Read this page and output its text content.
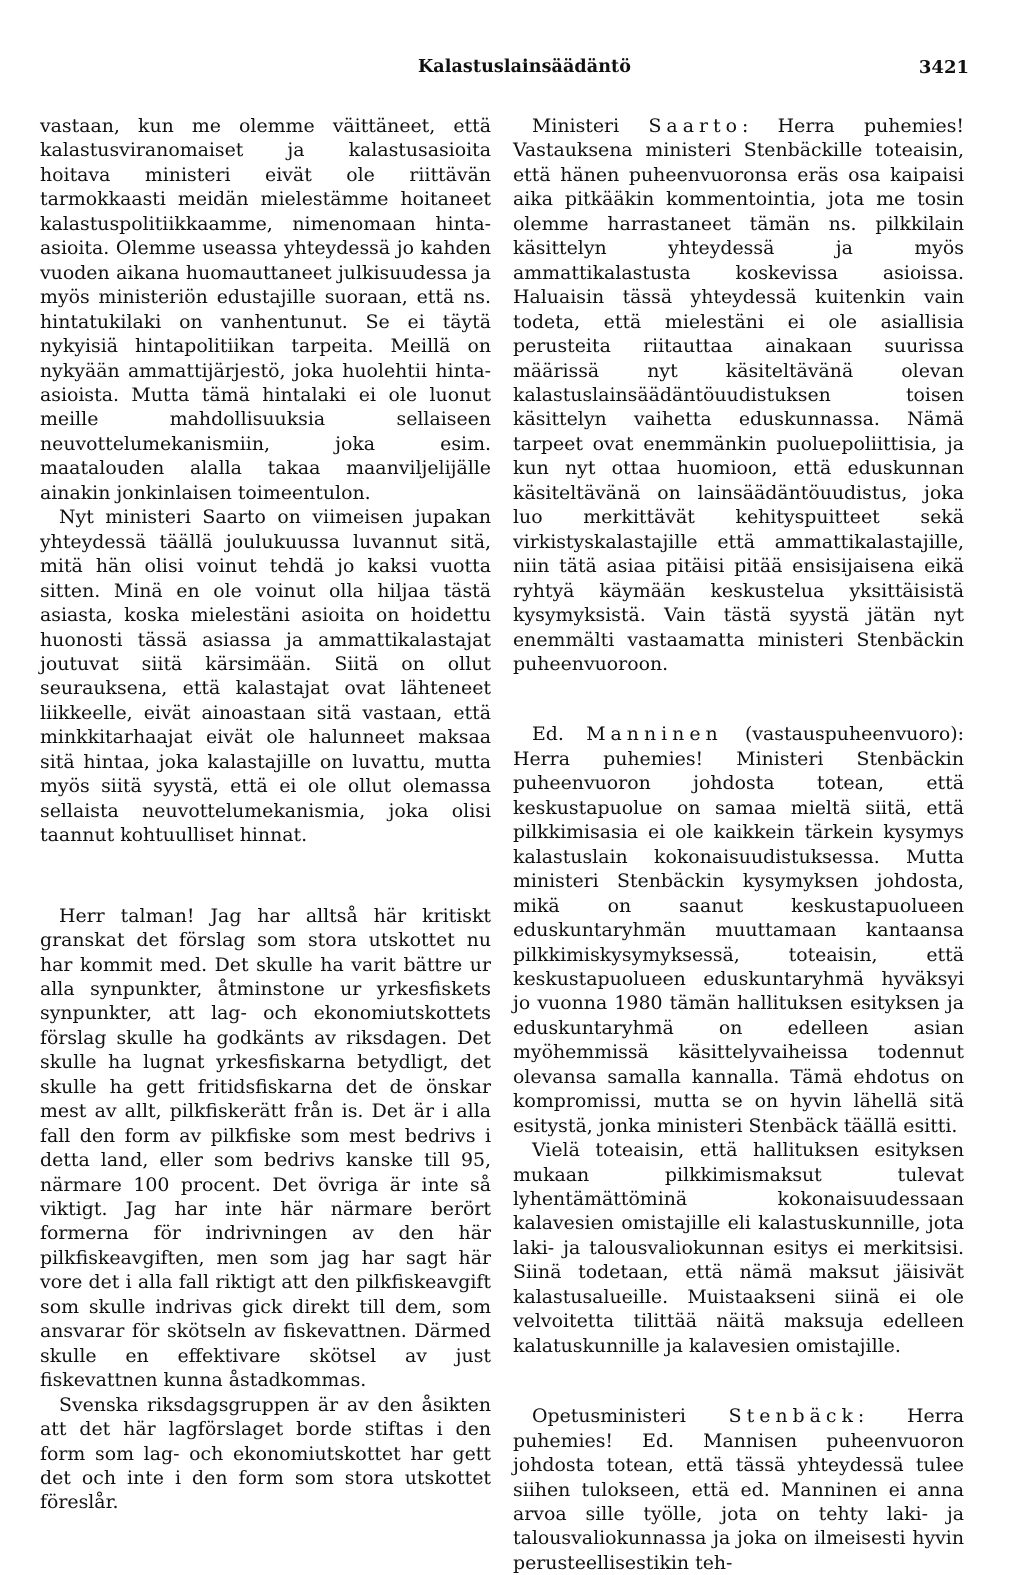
Kalastuslainsäädäntö	3421

vastaan, kun me olemme väittäneet, että kalastusviranomaiset ja kalastusasioita hoitava ministeri eivät ole riittävän tarmokkaasti meidän mielestämme hoitaneet kalastuspolitiikkaamme, nimenomaan hinta-asioita. Olemme useassa yhteydessä jo kahden vuoden aikana huomauttaneet julkisuudessa ja myös ministeriön edustajille suoraan, että ns. hintatukilaki on vanhentunut. Se ei täytä nykyisiä hintapolitiikan tarpeita. Meillä on nykyään ammattijärjestö, joka huolehtii hinta-asioista. Mutta tämä hintalaki ei ole luonut meille mahdollisuuksia sellaiseen neuvottelumekanismiin, joka esim. maatalouden alalla takaa maanviljelijälle ainakin jonkinlaisen toimeentulon.

Nyt ministeri Saarto on viimeisen jupakan yhteydessä täällä joulukuussa luvannut sitä, mitä hän olisi voinut tehdä jo kaksi vuotta sitten. Minä en ole voinut olla hiljaa tästä asiasta, koska mielestäni asioita on hoidettu huonosti tässä asiassa ja ammattikalastajat joutuvat siitä kärsimään. Siitä on ollut seurauksena, että kalastajat ovat lähteneet liikkeelle, eivät ainoastaan sitä vastaan, että minkkitarhaajat eivät ole halunneet maksaa sitä hintaa, joka kalastajille on luvattu, mutta myös siitä syystä, että ei ole ollut olemassa sellaista neuvottelumekanismia, joka olisi taannut kohtuulliset hinnat.

Herr talman! Jag har alltså här kritiskt granskat det förslag som stora utskottet nu har kommit med. Det skulle ha varit bättre ur alla synpunkter, åtminstone ur yrkesfiskets synpunkter, att lag- och ekonomiutskottets förslag skulle ha godkänts av riksdagen. Det skulle ha lugnat yrkesfiskarna betydligt, det skulle ha gett fritidsfiskarna det de önskar mest av allt, pilkfiskerätt från is. Det är i alla fall den form av pilkfiske som mest bedrivs i detta land, eller som bedrivs kanske till 95, närmare 100 procent. Det övriga är inte så viktigt. Jag har inte här närmare berört formerna för indrivningen av den här pilkfiskeavgiften, men som jag har sagt här vore det i alla fall riktigt att den pilkfiskeavgift som skulle indrivas gick direkt till dem, som ansvarar för skötseln av fiskevattnen. Därmed skulle en effektivare skötsel av just fiskevattnen kunna åstadkommas.

Svenska riksdagsgruppen är av den åsikten att det här lagförslaget borde stiftas i den form som lag- och ekonomiutskottet har gett det och inte i den form som stora utskottet föreslår.

Ministeri Saarto: Herra puhemies! Vastauksena ministeri Stenbäckille toteaisin, että hänen puheenvuoronsa eräs osa kaipaisi aika pitkääkin kommentointia, jota me tosin olemme harrastaneet tämän ns. pilkkilain käsittelyn yhteydessä ja myös ammattikalastusta koskevissa asioissa. Haluaisin tässä yhteydessä kuitenkin vain todeta, että mielestäni ei ole asiallisia perusteita riitauttaa ainakaan suurissa määrissä nyt käsiteltävänä olevan kalastuslainsäädäntöuudistuksen toisen käsittelyn vaihetta eduskunnassa. Nämä tarpeet ovat enemmänkin puoluepoliittisia, ja kun nyt ottaa huomioon, että eduskunnan käsiteltävänä on lainsäädäntöuudistus, joka luo merkittävät kehityspuitteet sekä virkistyskalastajille että ammattikalastajille, niin tätä asiaa pitäisi pitää ensisijaisena eikä ryhtyä käymään keskustelua yksittäisistä kysymyksistä. Vain tästä syystä jätän nyt enemmälti vastaamatta ministeri Stenbäckin puheenvuoroon.

Ed. Manninen (vastauspuheenvuoro): Herra puhemies! Ministeri Stenbäckin puheenvuoron johdosta totean, että keskustapuolue on samaa mieltä siitä, että pilkkimisasia ei ole kaikkein tärkein kysymys kalastuslain kokonaisuudistuksessa. Mutta ministeri Stenbäckin kysymyksen johdosta, mikä on saanut keskustapuolueen eduskuntaryhmän muuttamaan kantaansa pilkkimiskysymyksessä, toteaisin, että keskustapuolueen eduskuntaryhmä hyväksyi jo vuonna 1980 tämän hallituksen esityksen ja eduskuntaryhmä on edelleen asian myöhemmissä käsittelyvaiheissa todennut olevansa samalla kannalla. Tämä ehdotus on kompromissi, mutta se on hyvin lähellä sitä esitystä, jonka ministeri Stenbäck täällä esitti.

Vielä toteaisin, että hallituksen esityksen mukaan pilkkimismaksut tulevat lyhentämättöminä kokonaisuudessaan kalavesien omistajille eli kalastuskunnille, jota laki- ja talousvaliokunnan esitys ei merkitsisi. Siinä todetaan, että nämä maksut jäisivät kalastusalueille. Muistaakseni siinä ei ole velvoitetta tilittää näitä maksuja edelleen kalatuskunnille ja kalavesien omistajille.

Opetusministeri Stenbäck: Herra puhemies! Ed. Mannisen puheenvuoron johdosta totean, että tässä yhteydessä tulee siihen tulokseen, että ed. Manninen ei anna arvoa sille työlle, jota on tehty laki- ja talousvaliokunnassa ja joka on ilmeisesti hyvin perusteellisestikin teh-
